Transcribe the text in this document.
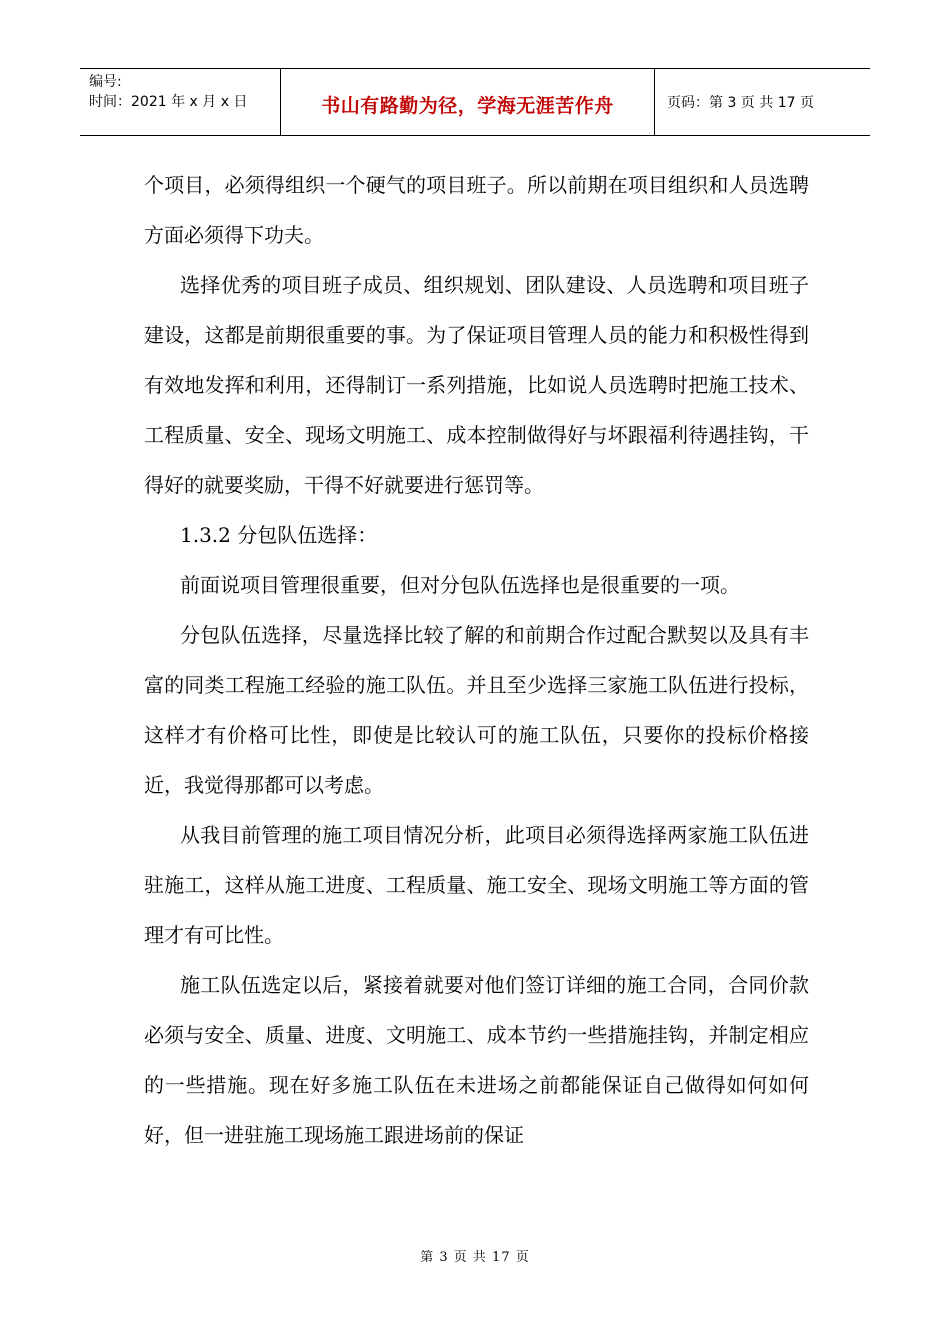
编号:
时间：2021 年 x 月 x 日	书山有路勤为径，学海无涯苦作舟	页码：第 3 页 共 17 页

个项目，必须得组织一个硬气的项目班子。所以前期在项目组织和人员选聘方面必须得下功夫。

选择优秀的项目班子成员、组织规划、团队建设、人员选聘和项目班子建设，这都是前期很重要的事。为了保证项目管理人员的能力和积极性得到有效地发挥和利用，还得制订一系列措施，比如说人员选聘时把施工技术、工程质量、安全、现场文明施工、成本控制做得好与坏跟福利待遇挂钩，干得好的就要奖励，干得不好就要进行惩罚等。

1.3.2 分包队伍选择：

前面说项目管理很重要，但对分包队伍选择也是很重要的一项。

分包队伍选择，尽量选择比较了解的和前期合作过配合默契以及具有丰富的同类工程施工经验的施工队伍。并且至少选择三家施工队伍进行投标，这样才有价格可比性，即使是比较认可的施工队伍，只要你的投标价格接近，我觉得那都可以考虑。

从我目前管理的施工项目情况分析，此项目必须得选择两家施工队伍进驻施工，这样从施工进度、工程质量、施工安全、现场文明施工等方面的管理才有可比性。

施工队伍选定以后，紧接着就要对他们签订详细的施工合同，合同价款必须与安全、质量、进度、文明施工、成本节约一些措施挂钩，并制定相应的一些措施。现在好多施工队伍在未进场之前都能保证自己做得如何如何好，但一进驻施工现场施工跟进场前的保证

第 3 页 共 17 页
